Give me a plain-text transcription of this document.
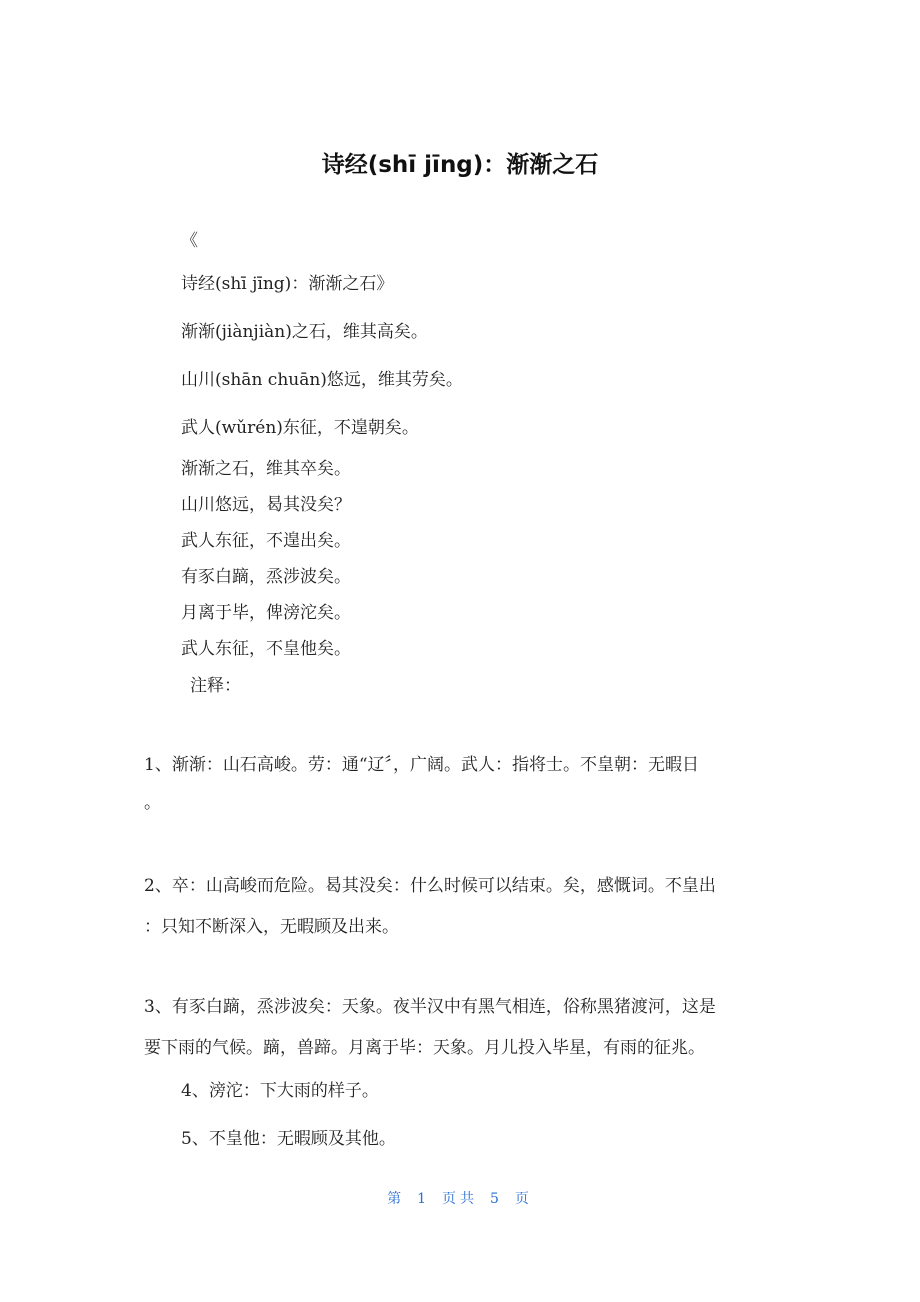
诗经(shī jīng)：渐渐之石
《
诗经(shī jīng)：渐渐之石》
渐渐(jiànjiàn)之石，维其高矣。
山川(shān chuān)悠远，维其劳矣。
武人(wǔrén)东征，不遑朝矣。
渐渐之石，维其卒矣。
山川悠远，曷其没矣？
武人东征，不遑出矣。
有豕白蹢，烝涉波矣。
月离于毕，俾滂沱矣。
武人东征，不皇他矣。
注释：
1、渐渐：山石高峻。劳：通“辽〞，广阔。武人：指将士。不皇朝：无暇日
。
2、卒：山高峻而危险。曷其没矣：什么时候可以结束。矣，感慨词。不皇出
：只知不断深入，无暇顾及出来。
3、有豕白蹢，烝涉波矣：天象。夜半汉中有黑气相连，俗称黑猪渡河，这是
要下雨的气候。蹢，兽蹄。月离于毕：天象。月儿投入毕星，有雨的征兆。
4、滂沱：下大雨的样子。
5、不皇他：无暇顾及其他。
第 1 页共 5 页
